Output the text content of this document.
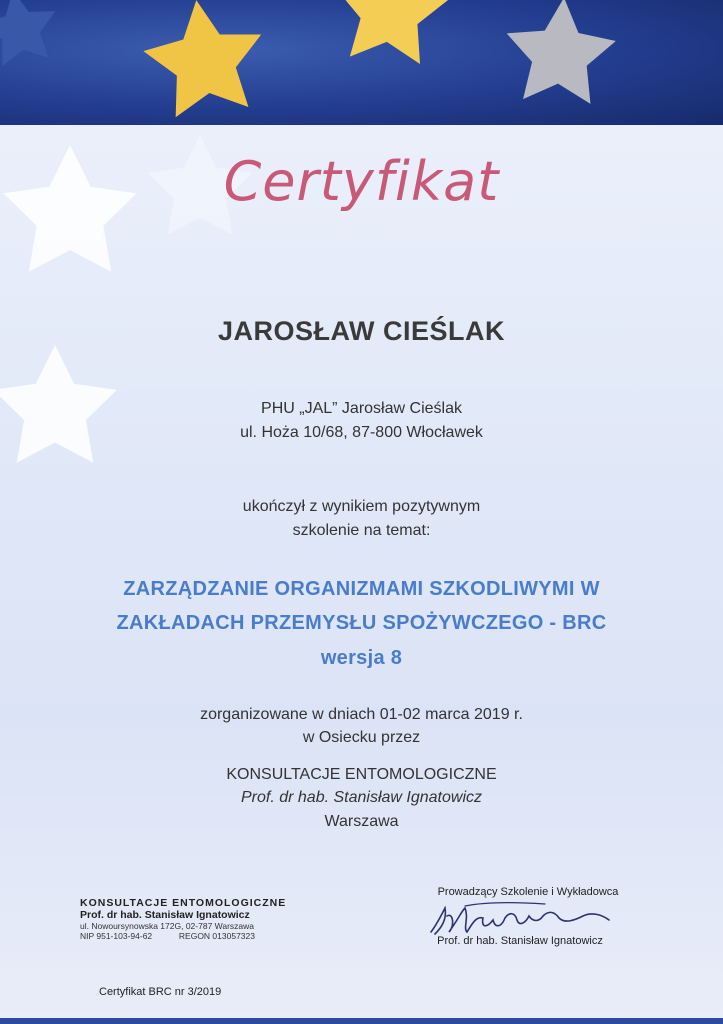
Certyfikat
JAROSŁAW CIEŚLAK
PHU „JAL” Jarosław Cieślak
ul. Hoża 10/68, 87-800 Włocławek
ukończył z wynikiem pozytywnym
szkolenie na temat:
ZARZĄDZANIE ORGANIZMAMI SZKODLIWYMI W
ZAKŁADACH PRZEMYSŁU SPOŻYWCZEGO - BRC
wersja 8
zorganizowane w dniach 01-02 marca 2019 r.
w Osiecku przez
KONSULTACJE ENTOMOLOGICZNE
Prof. dr hab. Stanisław Ignatowicz
Warszawa
KONSULTACJE ENTOMOLOGICZNE
Prof. dr hab. Stanisław Ignatowicz
ul. Nowoursynowska 172G, 02-787 Warszawa
NIP 951-103-94-62	REGON 013057323
Prowadzący Szkolenie i Wykładowca
Prof. dr hab. Stanisław Ignatowicz
Certyfikat BRC nr 3/2019
